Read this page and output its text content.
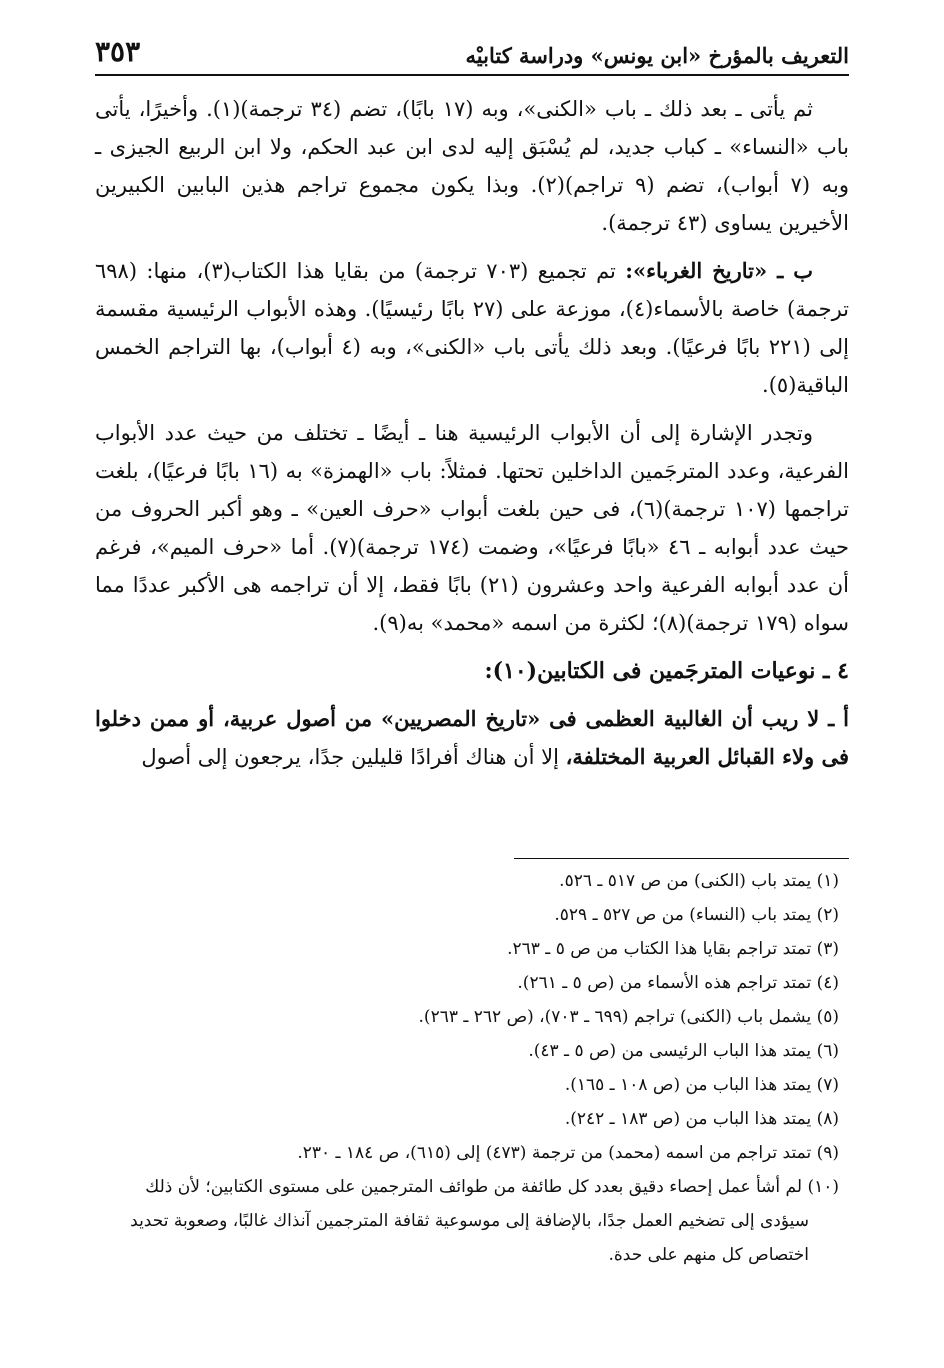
٣٥٣	التعريف بالمؤرخ «ابن يونس» ودراسة كتابيْه

ثم يأتى ـ بعد ذلك ـ باب «الكنى»، وبه (١٧ بابًا)، تضم (٣٤ ترجمة)(١). وأخيرًا، يأتى باب «النساء» ـ كباب جديد، لم يُسْبَق إليه لدى ابن عبد الحكم، ولا ابن الربيع الجيزى ـ وبه (٧ أبواب)، تضم (٩ تراجم)(٢). وبذا يكون مجموع تراجم هذين البابين الكبيرين الأخيرين يساوى (٤٣ ترجمة).

ب ـ «تاريخ الغرباء»: تم تجميع (٧٠٣ ترجمة) من بقايا هذا الكتاب(٣)، منها: (٦٩٨ ترجمة) خاصة بالأسماء(٤)، موزعة على (٢٧ بابًا رئيسيًا). وهذه الأبواب الرئيسية مقسمة إلى (٢٢١ بابًا فرعيًا). وبعد ذلك يأتى باب «الكنى»، وبه (٤ أبواب)، بها التراجم الخمس الباقية(٥).

وتجدر الإشارة إلى أن الأبواب الرئيسية هنا ـ أيضًا ـ تختلف من حيث عدد الأبواب الفرعية، وعدد المترجَمين الداخلين تحتها. فمثلاً: باب «الهمزة» به (١٦ بابًا فرعيًا)، بلغت تراجمها (١٠٧ ترجمة)(٦)، فى حين بلغت أبواب «حرف العين» ـ وهو أكبر الحروف من حيث عدد أبوابه ـ ٤٦ «بابًا فرعيًا»، وضمت (١٧٤ ترجمة)(٧). أما «حرف الميم»، فرغم أن عدد أبوابه الفرعية واحد وعشرون (٢١) بابًا فقط، إلا أن تراجمه هى الأكبر عددًا مما سواه (١٧٩ ترجمة)(٨)؛ لكثرة من اسمه «محمد» به(٩).

٤ ـ نوعيات المترجَمين فى الكتابين(١٠):

أ ـ لا ريب أن الغالبية العظمى فى «تاريخ المصريين» من أصول عربية، أو ممن دخلوا فى ولاء القبائل العربية المختلفة، إلا أن هناك أفرادًا قليلين جدًا، يرجعون إلى أصول

(١) يمتد باب (الكنى) من ص ٥١٧ ـ ٥٢٦.
(٢) يمتد باب (النساء) من ص ٥٢٧ ـ ٥٢٩.
(٣) تمتد تراجم بقايا هذا الكتاب من ص ٥ ـ ٢٦٣.
(٤) تمتد تراجم هذه الأسماء من (ص ٥ ـ ٢٦١).
(٥) يشمل باب (الكنى) تراجم (٦٩٩ ـ ٧٠٣)، (ص ٢٦٢ ـ ٢٦٣).
(٦) يمتد هذا الباب الرئيسى من (ص ٥ ـ ٤٣).
(٧) يمتد هذا الباب من (ص ١٠٨ ـ ١٦٥).
(٨) يمتد هذا الباب من (ص ١٨٣ ـ ٢٤٢).
(٩) تمتد تراجم من اسمه (محمد) من ترجمة (٤٧٣) إلى (٦١٥)، ص ١٨٤ ـ ٢٣٠.
(١٠) لم أشأ عمل إحصاء دقيق بعدد كل طائفة من طوائف المترجمين على مستوى الكتابين؛ لأن ذلك سيؤدى إلى تضخيم العمل جدًا، بالإضافة إلى موسوعية ثقافة المترجمين آنذاك غالبًا، وصعوبة تحديد اختصاص كل منهم على حدة.
